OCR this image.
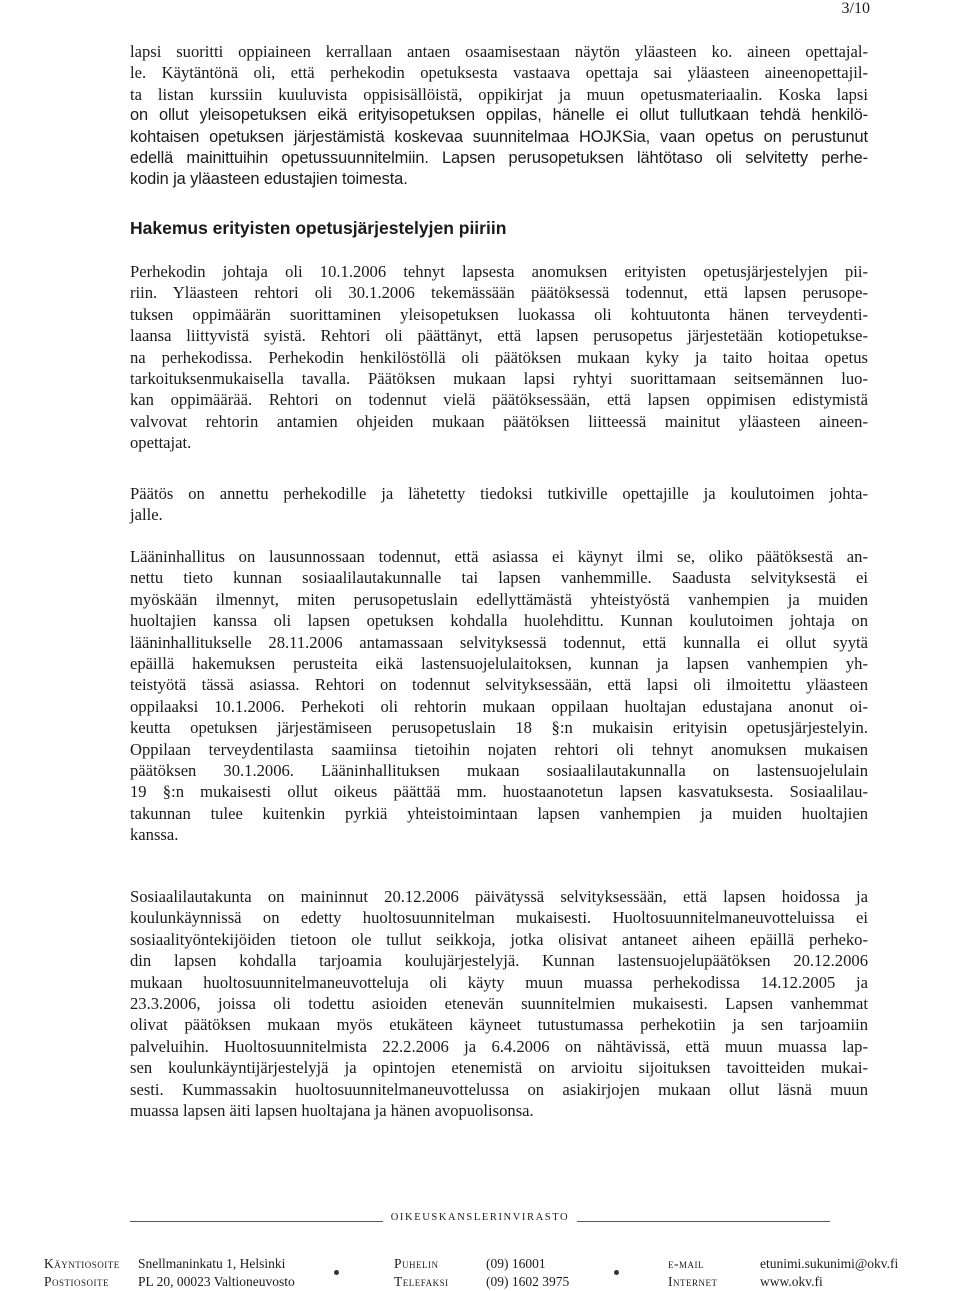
3/10
lapsi suoritti oppiaineen kerrallaan antaen osaamisestaan näytön yläasteen ko. aineen opettajal-
le. Käytäntönä oli, että perhekodin opetuksesta vastaava opettaja sai yläasteen aineenopettajil-
ta listan kurssiin kuuluvista oppisisällöistä, oppikirjat ja muun opetusmateriaalin. Koska lapsi
on ollut yleisopetuksen eikä erityisopetuksen oppilas, hänelle ei ollut tullutkaan tehdä henkilö-
kohtaisen opetuksen järjestämistä koskevaa suunnitelmaa HOJKSia, vaan opetus on perustunut
edellä mainittuihin opetussuunnitelmiin. Lapsen perusopetuksen lähtötaso oli selvitetty perhe-
kodin ja yläasteen edustajien toimesta.
Hakemus erityisten opetusjärjestelyjen piiriin
Perhekodin johtaja oli 10.1.2006 tehnyt lapsesta anomuksen erityisten opetusjärjestelyjen pii-
riin. Yläasteen rehtori oli 30.1.2006 tekemässään päätöksessä todennut, että lapsen perusope-
tuksen oppimäärän suorittaminen yleisopetuksen luokassa oli kohtuutonta hänen terveydenti-
laansa liittyvistä syistä. Rehtori oli päättänyt, että lapsen perusopetus järjestetään kotiopetukse-
na perhekodissa. Perhekodin henkilöstöllä oli päätöksen mukaan kyky ja taito hoitaa opetus
tarkoituksenmukaisella tavalla. Päätöksen mukaan lapsi ryhtyi suorittamaan seitsemännen luo-
kan oppimäärää. Rehtori on todennut vielä päätöksessään, että lapsen oppimisen edistymistä
valvovat rehtorin antamien ohjeiden mukaan päätöksen liitteessä mainitut yläasteen aineen-
opettajat.
Päätös on annettu perhekodille ja lähetetty tiedoksi tutkiville opettajille ja koulutoimen johta-
jalle.
Lääninhallitus on lausunnossaan todennut, että asiassa ei käynyt ilmi se, oliko päätöksestä an-
nettu tieto kunnan sosiaalilautakunnalle tai lapsen vanhemmille. Saadusta selvityksestä ei
myöskään ilmennyt, miten perusopetuslain edellyttämästä yhteistyöstä vanhempien ja muiden
huoltajien kanssa oli lapsen opetuksen kohdalla huolehdittu. Kunnan koulutoimen johtaja on
lääninhallitukselle 28.11.2006 antamassaan selvityksessä todennut, että kunnalla ei ollut syytä
epäillä hakemuksen perusteita eikä lastensuojelulaitoksen, kunnan ja lapsen vanhempien yh-
teistyötä tässä asiassa. Rehtori on todennut selvityksessään, että lapsi oli ilmoitettu yläasteen
oppilaaksi 10.1.2006. Perhekoti oli rehtorin mukaan oppilaan huoltajan edustajana anonut oi-
keutta opetuksen järjestämiseen perusopetuslain 18 §:n mukaisin erityisin opetusjärjestelyin.
Oppilaan terveydentilasta saamiinsa tietoihin nojaten rehtori oli tehnyt anomuksen mukaisen
päätöksen 30.1.2006. Lääninhallituksen mukaan sosiaalilautakunnalla on lastensuojelulain
19 §:n mukaisesti ollut oikeus päättää mm. huostaanotetun lapsen kasvatuksesta. Sosiaalilau-
takunnan tulee kuitenkin pyrkiä yhteistoimintaan lapsen vanhempien ja muiden huoltajien
kanssa.
Sosiaalilautakunta on maininnut 20.12.2006 päivätyssä selvityksessään, että lapsen hoidossa ja
koulunkäynnissä on edetty huoltosuunnitelman mukaisesti. Huoltosuunnitelmaneuvotteluissa ei
sosiaalityöntekijöiden tietoon ole tullut seikkoja, jotka olisivat antaneet aiheen epäillä perheko-
din lapsen kohdalla tarjoamia koulujärjestelyjä. Kunnan lastensuojelupäätöksen 20.12.2006
mukaan huoltosuunnitelmaneuvotteluja oli käyty muun muassa perhekodissa 14.12.2005 ja
23.3.2006, joissa oli todettu asioiden etenevän suunnitelmien mukaisesti. Lapsen vanhemmat
olivat päätöksen mukaan myös etukäteen käyneet tutustumassa perhekotiin ja sen tarjoamiin
palveluihin. Huoltosuunnitelmista 22.2.2006 ja 6.4.2006 on nähtävissä, että muun muassa lap-
sen koulunkäyntijärjestelyjä ja opintojen etenemistä on arvioitu sijoituksen tavoitteiden mukai-
sesti. Kummassakin huoltosuunnitelmaneuvottelussa on asiakirjojen mukaan ollut läsnä muun
muassa lapsen äiti lapsen huoltajana ja hänen avopuolisonsa.
OIKEUSKANSLERINVIRASTO
Käyntiosoite Snellmaninkatu 1, Helsinki
Postiosoite PL 20, 00023 Valtioneuvosto
Puhelin	(09) 16001
Telefaksi	(09) 1602 3975
e-mail	etunimi.sukunimi@okv.fi
Internet	www.okv.fi
